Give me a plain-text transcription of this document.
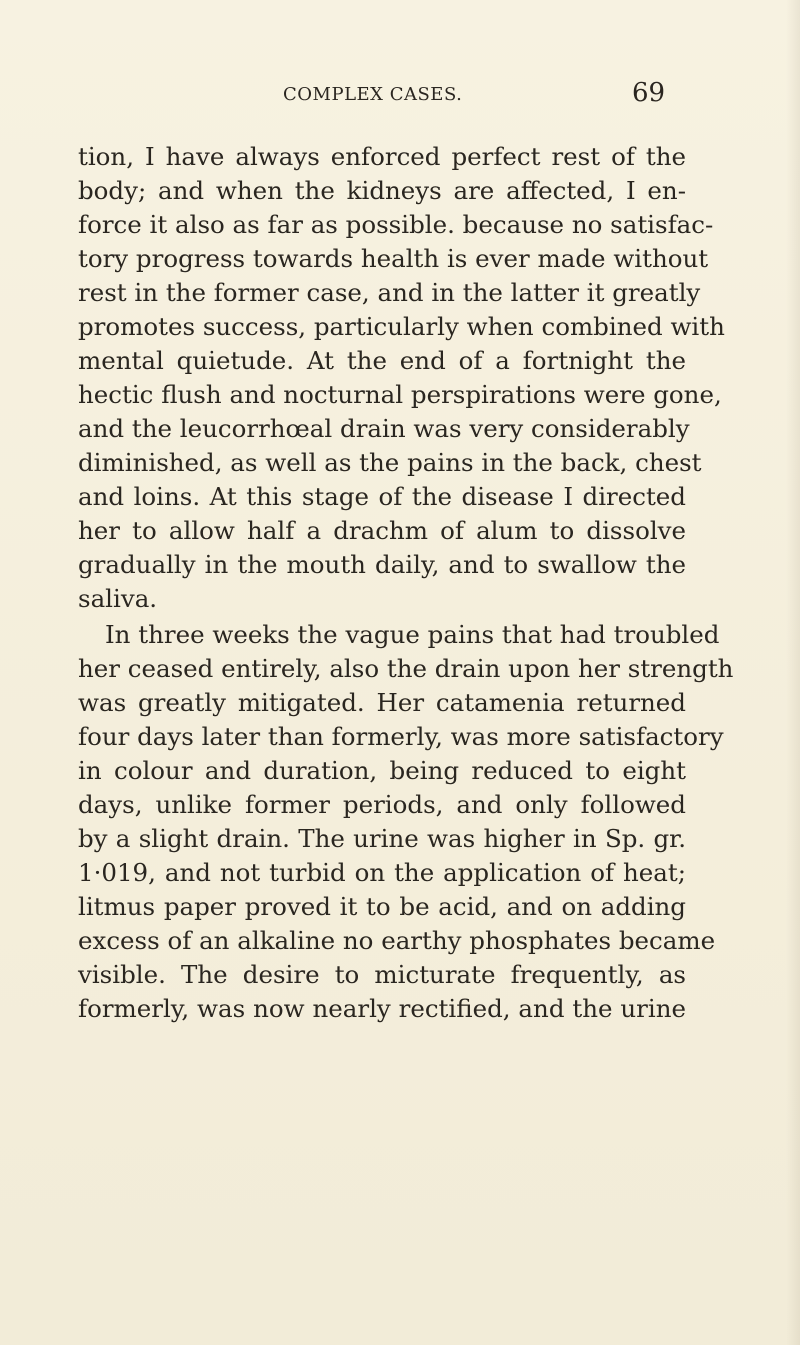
COMPLEX CASES.	69
tion, I have always enforced perfect rest of the
body; and when the kidneys are affected, I en-
force it also as far as possible. because no satisfac-
tory progress towards health is ever made without
rest in the former case, and in the latter it greatly
promotes success, particularly when combined with
mental quietude. At the end of a fortnight the
hectic flush and nocturnal perspirations were gone,
and the leucorrhœal drain was very considerably
diminished, as well as the pains in the back, chest
and loins. At this stage of the disease I directed
her to allow half a drachm of alum to dissolve
gradually in the mouth daily, and to swallow the
saliva.
In three weeks the vague pains that had troubled
her ceased entirely, also the drain upon her strength
was greatly mitigated. Her catamenia returned
four days later than formerly, was more satisfactory
in colour and duration, being reduced to eight
days, unlike former periods, and only followed
by a slight drain. The urine was higher in Sp. gr.
1·019, and not turbid on the application of heat;
litmus paper proved it to be acid, and on adding
excess of an alkaline no earthy phosphates became
visible. The desire to micturate frequently, as
formerly, was now nearly rectified, and the urine
